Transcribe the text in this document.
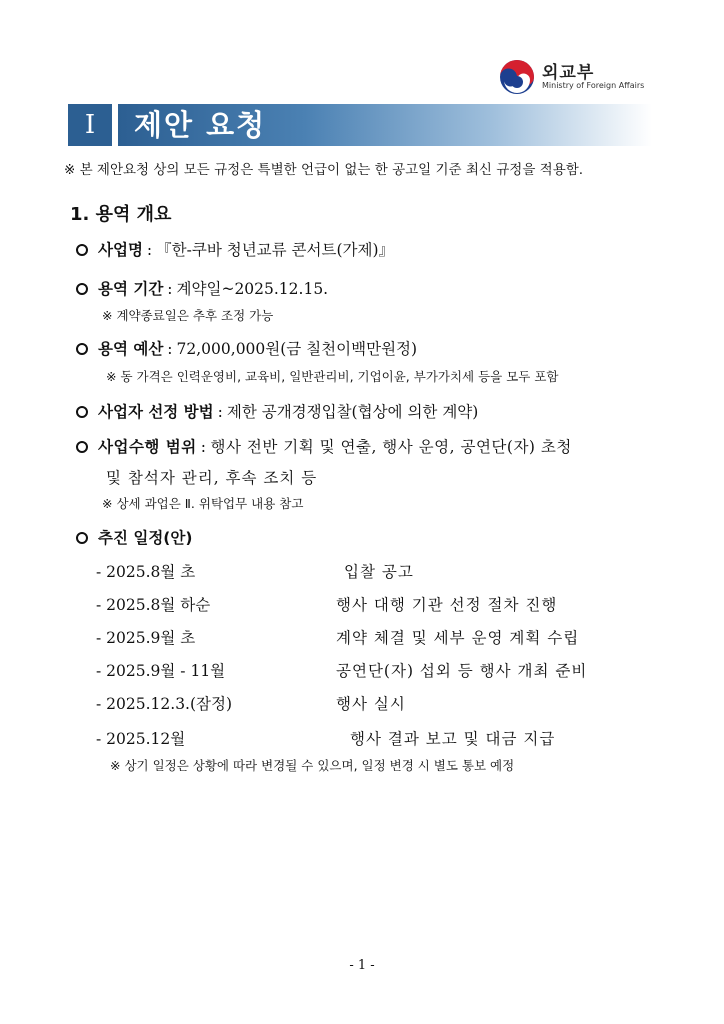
외교부
Ministry of Foreign Affairs
I	제안 요청
※ 본 제안요청 상의 모든 규정은 특별한 언급이 없는 한 공고일 기준 최신 규정을 적용함.
1. 용역 개요
사업명 : 『한-쿠바 청년교류 콘서트(가제)』
용역 기간 : 계약일~2025.12.15.
※ 계약종료일은 추후 조정 가능
용역 예산 : 72,000,000원(금 칠천이백만원정)
※ 동 가격은 인력운영비, 교육비, 일반관리비, 기업이윤, 부가가치세 등을 모두 포함
사업자 선정 방법 : 제한 공개경쟁입찰(협상에 의한 계약)
사업수행 범위 : 행사 전반 기획 및 연출, 행사 운영, 공연단(자) 초청
및 참석자 관리, 후속 조치 등
※ 상세 과업은 Ⅱ. 위탁업무 내용 참고
추진 일정(안)
- 2025.8월 초	입찰 공고
- 2025.8월 하순	행사 대행 기관 선정 절차 진행
- 2025.9월 초	계약 체결 및 세부 운영 계획 수립
- 2025.9월 - 11월	공연단(자) 섭외 등 행사 개최 준비
- 2025.12.3.(잠정)	행사 실시
- 2025.12월	행사 결과 보고 및 대금 지급
※ 상기 일정은 상황에 따라 변경될 수 있으며, 일정 변경 시 별도 통보 예정
- 1 -
